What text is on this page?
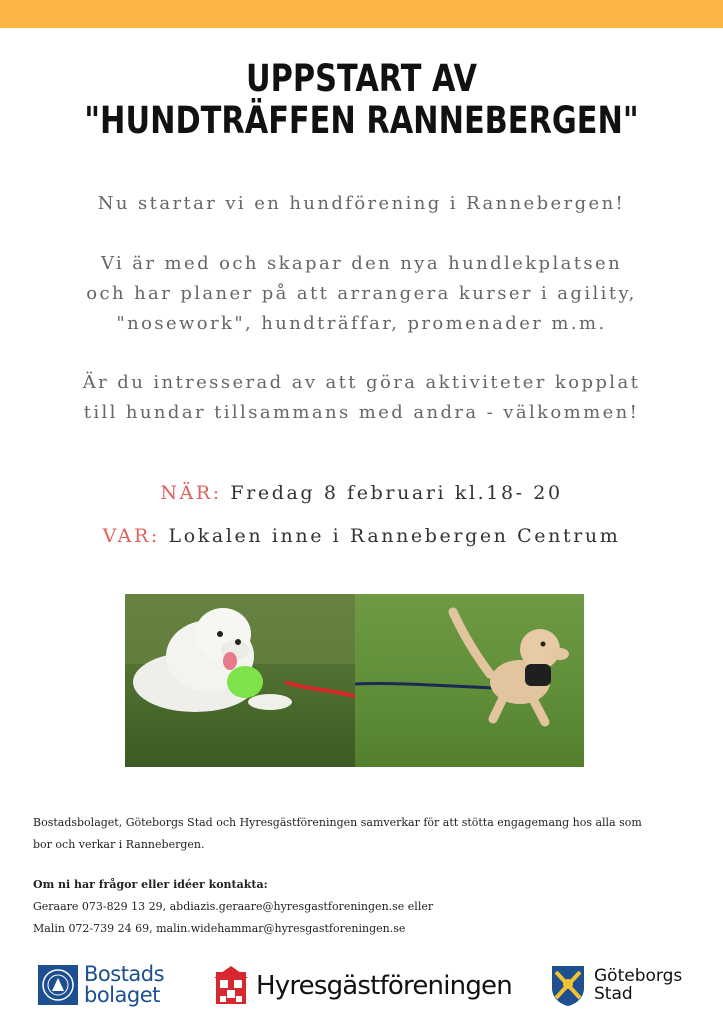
UPPSTART AV
"HUNDTRÄFFEN RANNEBERGEN"

Nu startar vi en hundförening i Rannebergen!

Vi är med och skapar den nya hundlekplatsen
och har planer på att arrangera kurser i agility,
"nosework", hundträffar, promenader m.m.

Är du intresserad av att göra aktiviteter kopplat
till hundar tillsammans med andra - välkommen!

NÄR: Fredag 8 februari kl.18- 20

VAR: Lokalen inne i Rannebergen Centrum

Bostadsbolaget, Göteborgs Stad och Hyresgästföreningen samverkar för att stötta engagemang hos alla som
bor och verkar i Rannebergen.
Om ni har frågor eller idéer kontakta:
Geraare 073-829 13 29, abdiazis.geraare@hyresgastforeningen.se eller
Malin 072-739 24 69, malin.widehammar@hyresgastforeningen.se
Bostads
bolaget	Hyresgästföreningen	Göteborgs
Stad
